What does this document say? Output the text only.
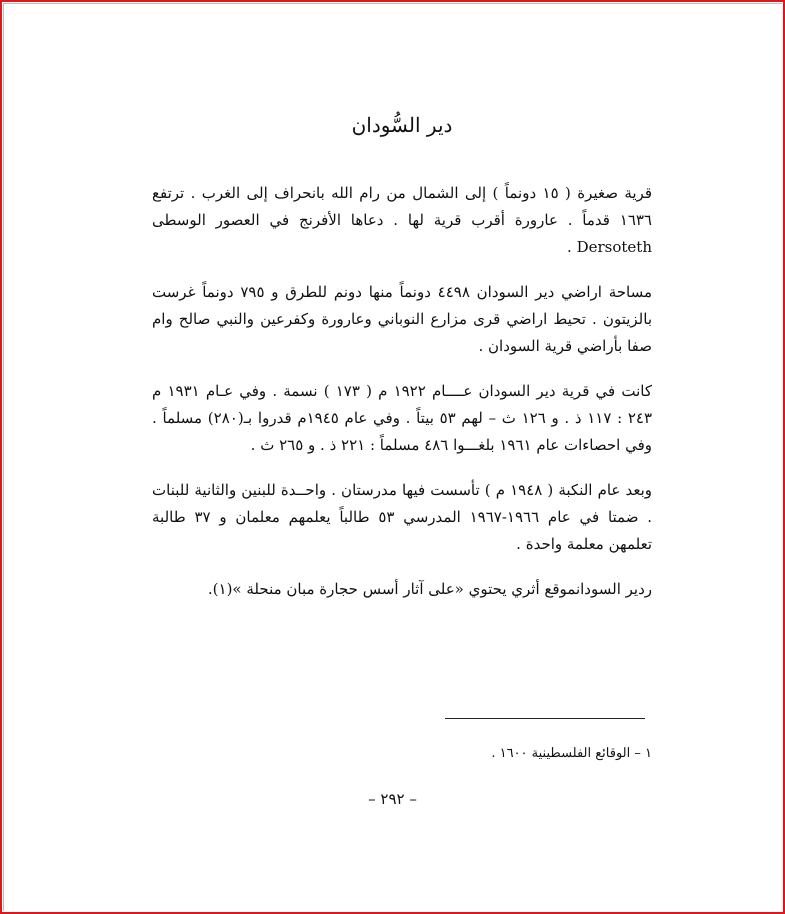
دير السُّودان

قرية صغيرة ( ١٥ دونماً ) إلى الشمال من رام الله بانحراف إلى الغرب . ترتفع ١٦٣٦ قدماً . عارورة أقرب قرية لها . دعاها الأفرنج في العصور الوسطى Dersoteth .

مساحة اراضي دير السودان ٤٤٩٨ دونماً منها دونم للطرق و ٧٩٥ دونماً غرست بالزيتون . تحيط اراضي قرى مزارع النوباني وعارورة وكفرعين والنبي صالح وام صفا بأراضي قرية السودان .

كانت في قرية دير السودان عــــام ١٩٢٢ م ( ١٧٣ ) نسمة . وفي عـام ١٩٣١ م ٢٤٣ : ١١٧ ذ . و ١٢٦ ث – لهم ٥٣ بيتاً . وفي عام ١٩٤٥م قدروا بـ(٢٨٠) مسلماً . وفي احصاءات عام ١٩٦١ بلغـــوا ٤٨٦ مسلماً : ٢٢١ ذ . و ٢٦٥ ث .

وبعد عام النكبة ( ١٩٤٨ م ) تأسست فيها مدرستان . واحــدة للبنين والثانية للبنات . ضمتا في عام ١٩٦٦-١٩٦٧ المدرسي ٥٣ طالباً يعلمهم معلمان و ٣٧ طالبة تعلمهن معلمة واحدة .

ردير السودانموقع أثري يحتوي «على آثار أسس حجارة مبان منحلة »(١).

١ – الوقائع الفلسطينية ١٦٠٠ .
– ٢٩٢ –
